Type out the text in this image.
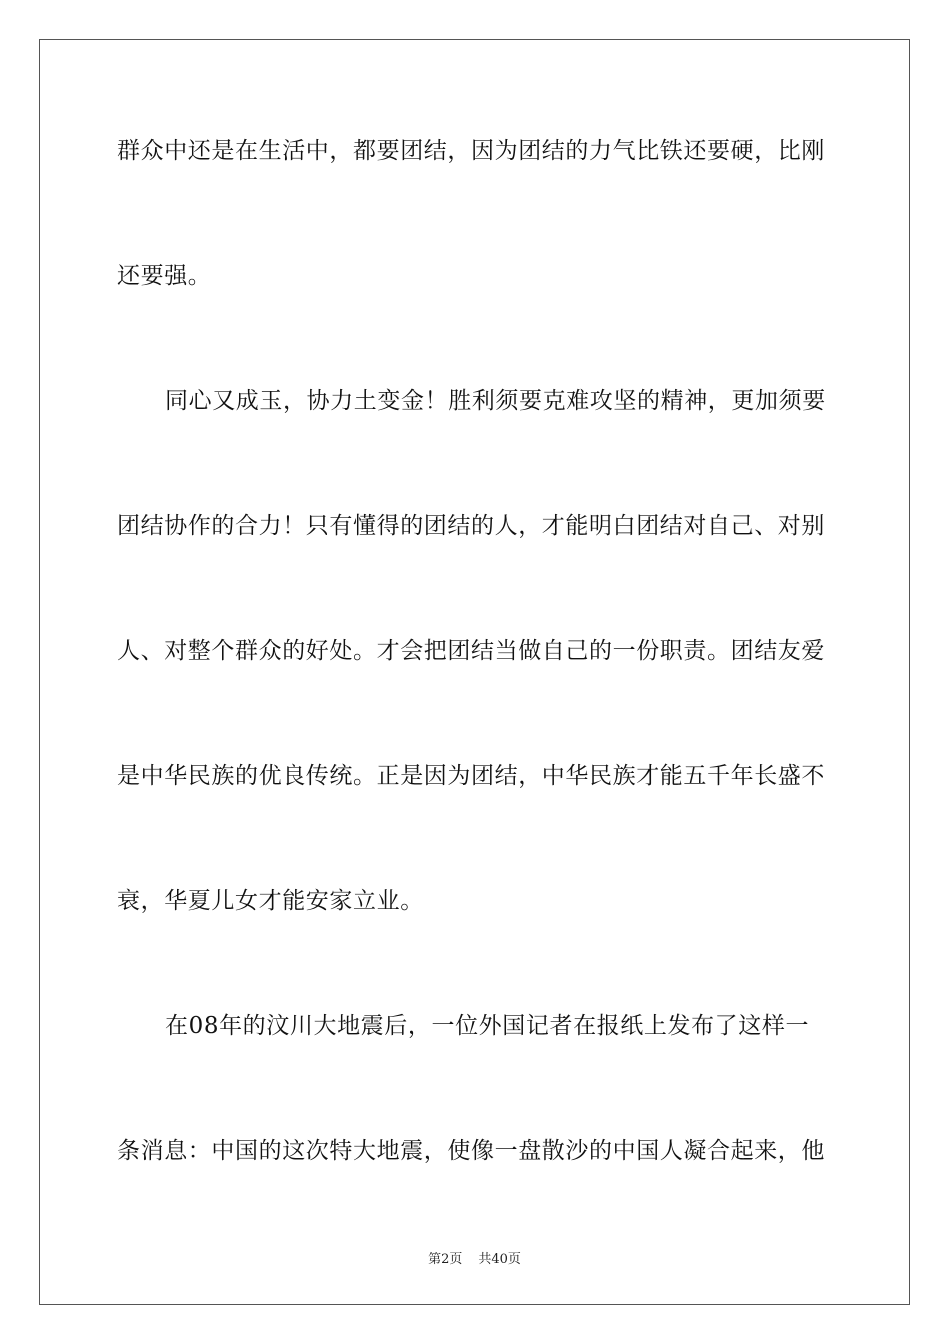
群众中还是在生活中，都要团结，因为团结的力气比铁还要硬，比刚
还要强。
同心又成玉，协力土变金！胜利须要克难攻坚的精神，更加须要
团结协作的合力！只有懂得的团结的人，才能明白团结对自己、对别
人、对整个群众的好处。才会把团结当做自己的一份职责。团结友爱
是中华民族的优良传统。正是因为团结，中华民族才能五千年长盛不
衰，华夏儿女才能安家立业。
在08年的汶川大地震后，一位外国记者在报纸上发布了这样一
条消息：中国的这次特大地震，使像一盘散沙的中国人凝合起来，他
第2页 共40页
